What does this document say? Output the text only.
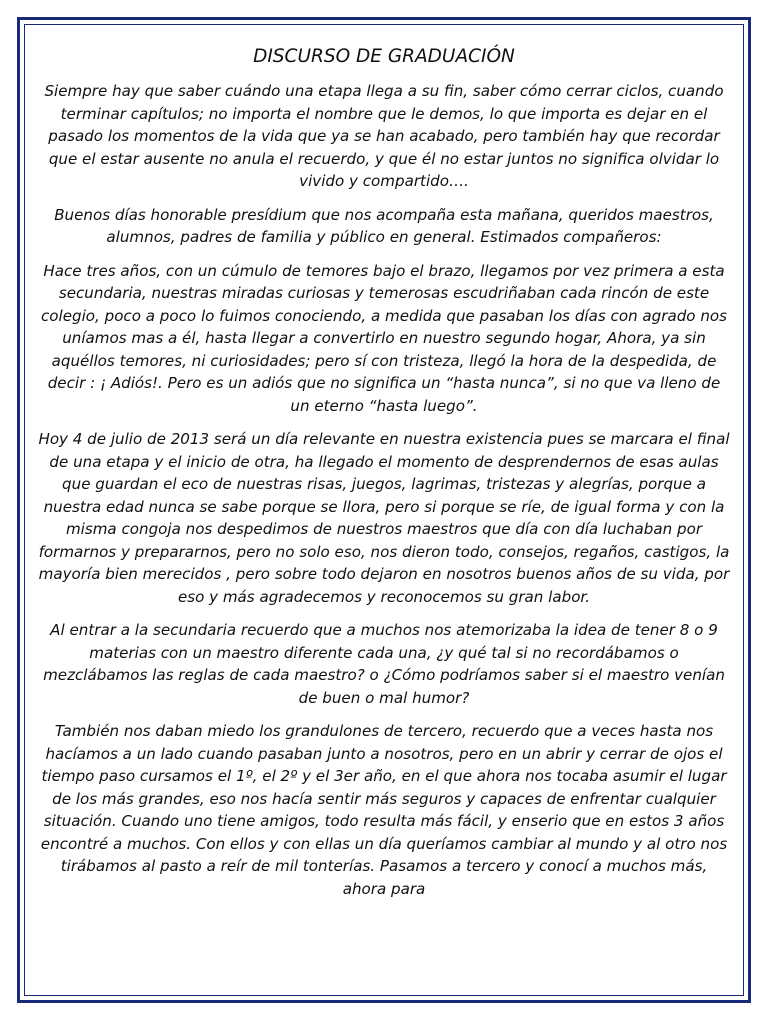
DISCURSO DE GRADUACIÓN

Siempre hay que saber cuándo una etapa llega a su fin, saber cómo cerrar ciclos, cuando terminar capítulos; no importa el nombre que le demos, lo que importa es dejar en el pasado los momentos de la vida que ya se han acabado, pero también hay que recordar que el estar ausente no anula el recuerdo, y que él no estar juntos no significa olvidar lo vivido y compartido….

Buenos días honorable presídium que nos acompaña esta mañana, queridos maestros, alumnos, padres de familia y público en general. Estimados compañeros:

Hace tres años, con un cúmulo de temores bajo el brazo, llegamos por vez primera a esta secundaria, nuestras miradas curiosas y temerosas escudriñaban cada rincón de este colegio, poco a poco lo fuimos conociendo, a medida que pasaban los días con agrado nos uníamos mas a él, hasta llegar a convertirlo en nuestro segundo hogar, Ahora, ya sin aquéllos temores, ni curiosidades; pero sí con tristeza, llegó la hora de la despedida, de decir : ¡ Adiós!. Pero es un adiós que no significa un “hasta nunca”, si no que va lleno de un eterno “hasta luego”.

Hoy 4 de julio de 2013 será un día relevante en nuestra existencia pues se marcara el final de una etapa y el inicio de otra, ha llegado el momento de desprendernos de esas aulas que guardan el eco de nuestras risas, juegos, lagrimas, tristezas y alegrías, porque a nuestra edad nunca se sabe porque se llora, pero si porque se ríe, de igual forma y con la misma congoja nos despedimos de nuestros maestros que día con día luchaban por formarnos y prepararnos, pero no solo eso, nos dieron todo, consejos, regaños, castigos, la mayoría bien merecidos , pero sobre todo dejaron en nosotros buenos años de su vida, por eso y más agradecemos y reconocemos su gran labor.

Al entrar a la secundaria recuerdo que a muchos nos atemorizaba la idea de tener 8 o 9 materias con un maestro diferente cada una, ¿y qué tal si no recordábamos o mezclábamos las reglas de cada maestro? o ¿Cómo podríamos saber si el maestro venían de buen o mal humor?

También nos daban miedo los grandulones de tercero, recuerdo que a veces hasta nos hacíamos a un lado cuando pasaban junto a nosotros, pero en un abrir y cerrar de ojos el tiempo paso cursamos el 1º, el 2º y el 3er año, en el que ahora nos tocaba asumir el lugar de los más grandes, eso nos hacía sentir más seguros y capaces de enfrentar cualquier situación. Cuando uno tiene amigos, todo resulta más fácil, y enserio que en estos 3 años encontré a muchos. Con ellos y con ellas un día queríamos cambiar al mundo y al otro nos tirábamos al pasto a reír de mil tonterías. Pasamos a tercero y conocí a muchos más, ahora para
